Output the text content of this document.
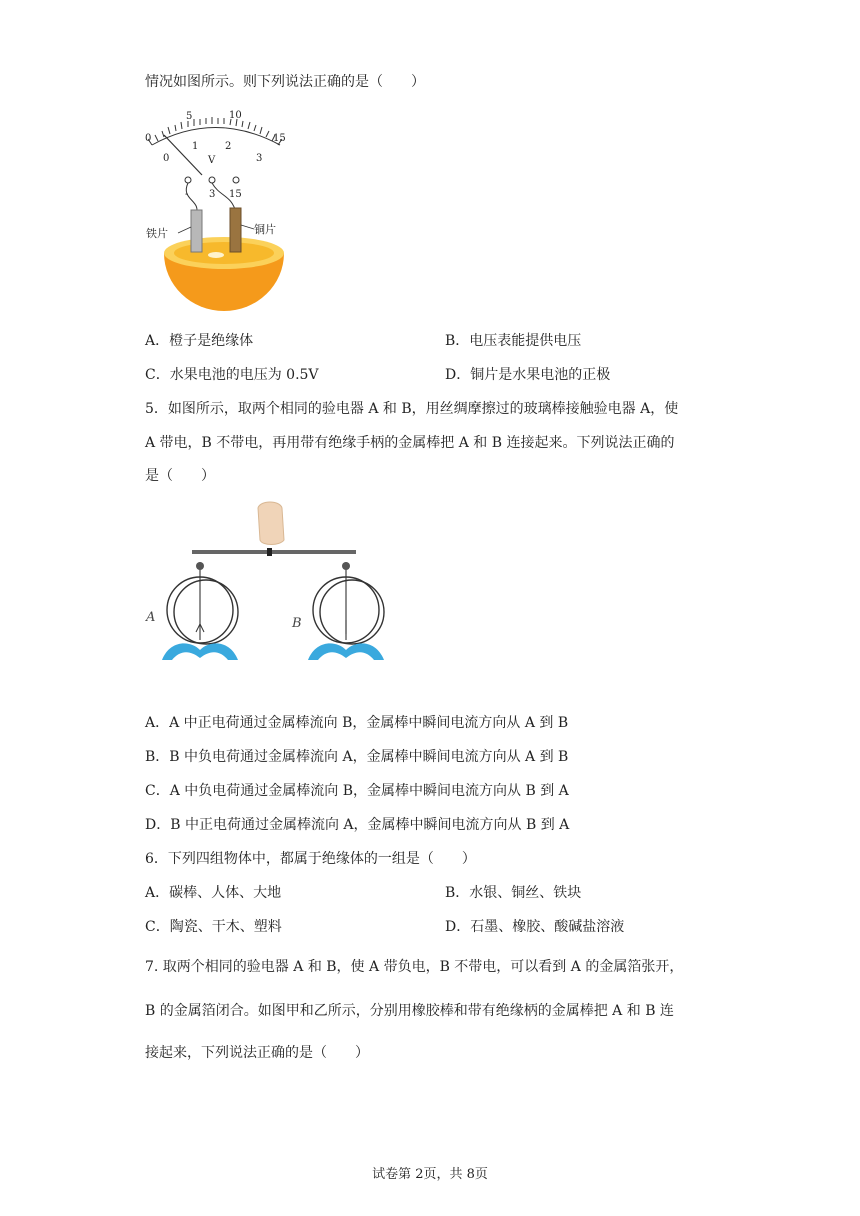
情况如图所示。则下列说法正确的是（　　）
0
5	10
15
0
1	2
3
V
- 3 15
铁片	铜片
A．橙子是绝缘体	B．电压表能提供电压
C．水果电池的电压为 0.5V	D．铜片是水果电池的正极
5．如图所示，取两个相同的验电器 A 和 B，用丝绸摩擦过的玻璃棒接触验电器 A，使
A 带电，B 不带电，再用带有绝缘手柄的金属棒把 A 和 B 连接起来。下列说法正确的
是（　　）
A	B
A．A 中正电荷通过金属棒流向 B，金属棒中瞬间电流方向从 A 到 B
B．B 中负电荷通过金属棒流向 A，金属棒中瞬间电流方向从 A 到 B
C．A 中负电荷通过金属棒流向 B，金属棒中瞬间电流方向从 B 到 A
D．B 中正电荷通过金属棒流向 A，金属棒中瞬间电流方向从 B 到 A
6．下列四组物体中，都属于绝缘体的一组是（　　）
A．碳棒、人体、大地	B．水银、铜丝、铁块
C．陶瓷、干木、塑料	D．石墨、橡胶、酸碱盐溶液
7. 取两个相同的验电器 A 和 B，使 A 带负电，B 不带电，可以看到 A 的金属箔张开，
B 的金属箔闭合。如图甲和乙所示，分别用橡胶棒和带有绝缘柄的金属棒把 A 和 B 连
接起来，下列说法正确的是（　　）
试卷第 2页，共 8页
